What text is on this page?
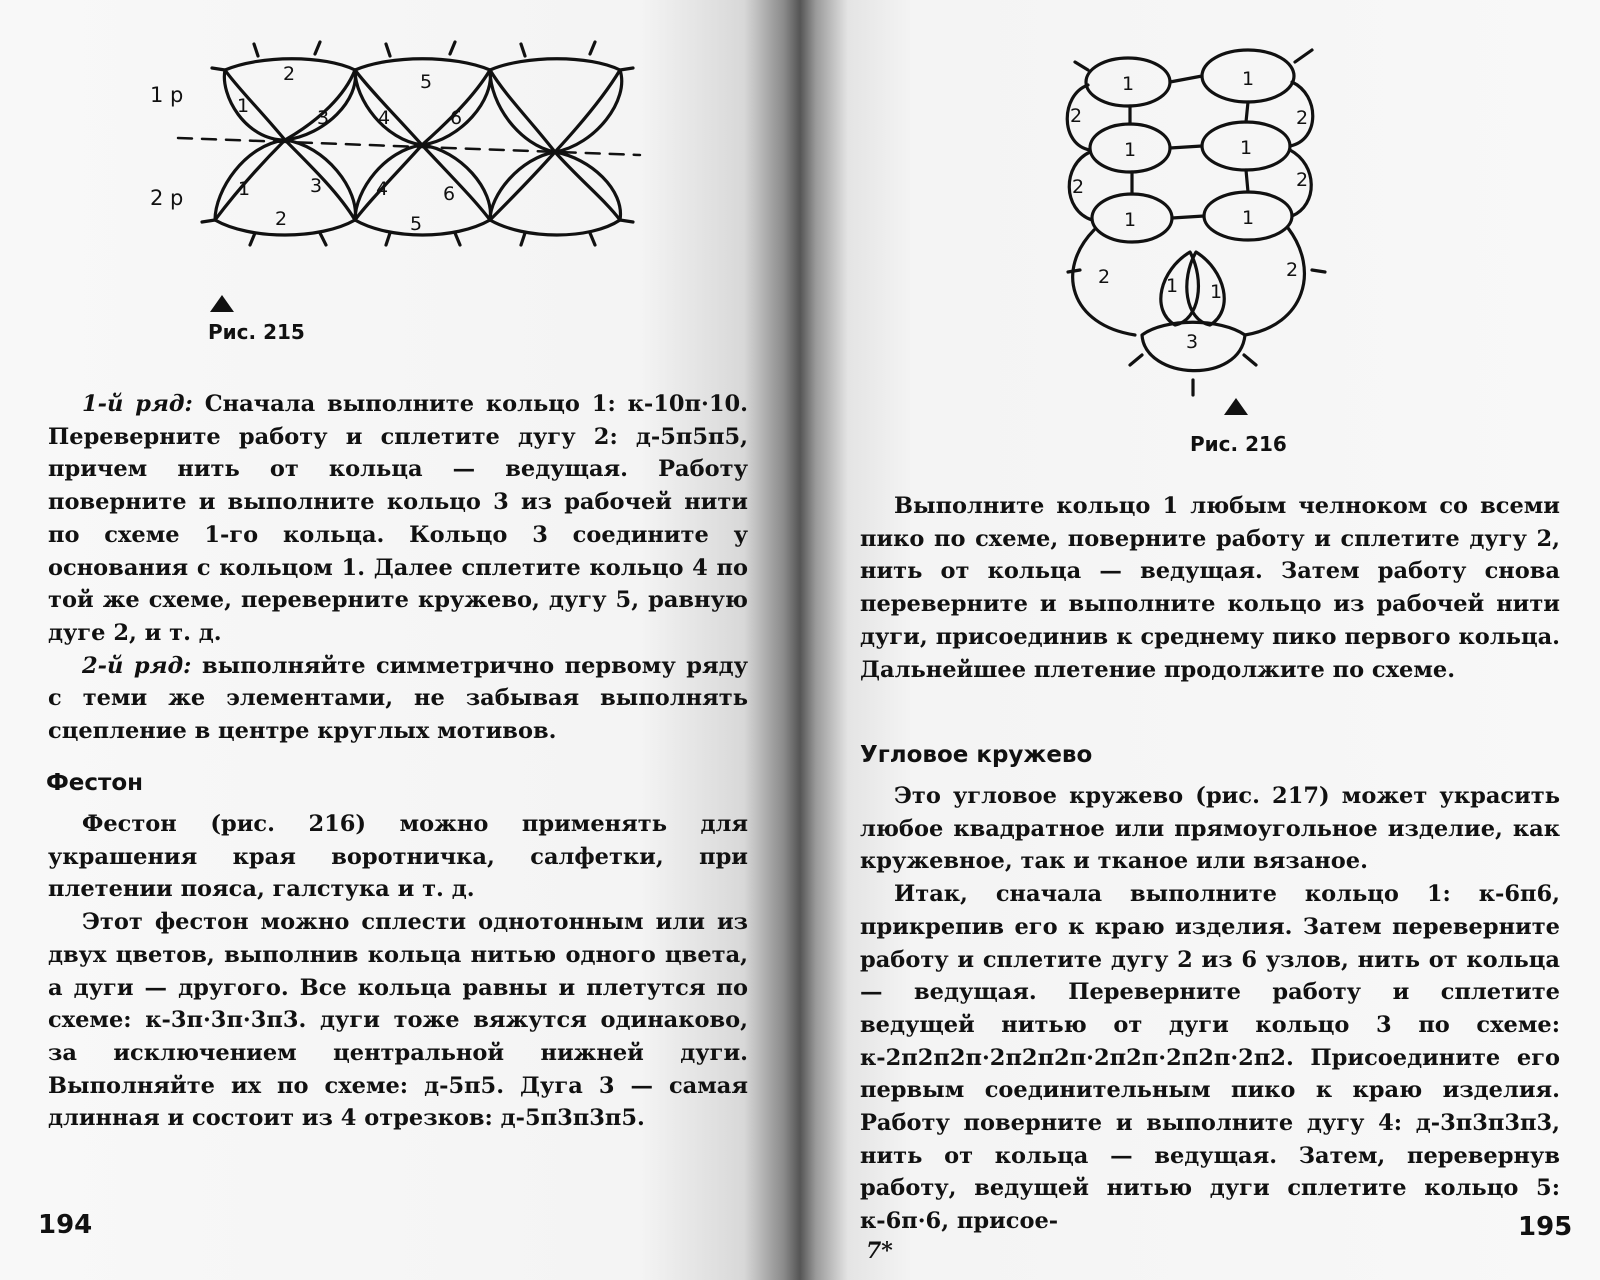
1 р
2 р
2
1
3
5
4	6
1	3
2
4	6
5
Рис. 215

1-й ряд: Сначала выполните кольцо 1: к-10п·10. Переверните работу и сплетите дугу 2: д-5п5п5, причем нить от кольца — ведущая. Работу поверните и выполните кольцо 3 из рабочей нити по схеме 1-го кольца. Кольцо 3 соедините у основания с кольцом 1. Далее сплетите кольцо 4 по той же схеме, переверните кружево, дугу 5, равную дуге 2, и т. д.

2-й ряд: выполняйте симметрично первому ряду с теми же элементами, не забывая выполнять сцепление в центре круглых мотивов.

Фестон

Фестон (рис. 216) можно применять для украшения края воротничка, салфетки, при плетении пояса, галстука и т. д.

Этот фестон можно сплести однотонным или из двух цветов, выполнив кольца нитью одного цвета, а дуги — другого. Все кольца равны и плетутся по схеме: к-3п·3п·3п3. дуги тоже вяжутся одинаково, за исключением центральной нижней дуги. Выполняйте их по схеме: д-5п5. Дуга 3 — самая длинная и состоит из 4 отрезков: д-5п3п3п5.

194
1	1
2	2
1	1
2	2
1	1
2	2
1 1
3
Рис. 216

Выполните кольцо 1 любым челноком со всеми пико по схеме, поверните работу и сплетите дугу 2, нить от кольца — ведущая. Затем работу снова переверните и выполните кольцо из рабочей нити дуги, присоединив к среднему пико первого кольца. Дальнейшее плетение продолжите по схеме.

Угловое кружево

Это угловое кружево (рис. 217) может украсить любое квадратное или прямоугольное изделие, как кружевное, так и тканое или вязаное.

Итак, сначала выполните кольцо 1: к-6п6, прикрепив его к краю изделия. Затем переверните работу и сплетите дугу 2 из 6 узлов, нить от кольца — ведущая. Переверните работу и сплетите ведущей нитью от дуги кольцо 3 по схеме: к-2п2п2п·2п2п2п·2п2п·2п2п·2п2. Присоедините его первым соединительным пико к краю изделия. Работу поверните и выполните дугу 4: д-3п3п3п3, нить от кольца — ведущая. Затем, перевернув работу, ведущей нитью дуги сплетите кольцо 5: к-6п·6, присое-

7*
195
